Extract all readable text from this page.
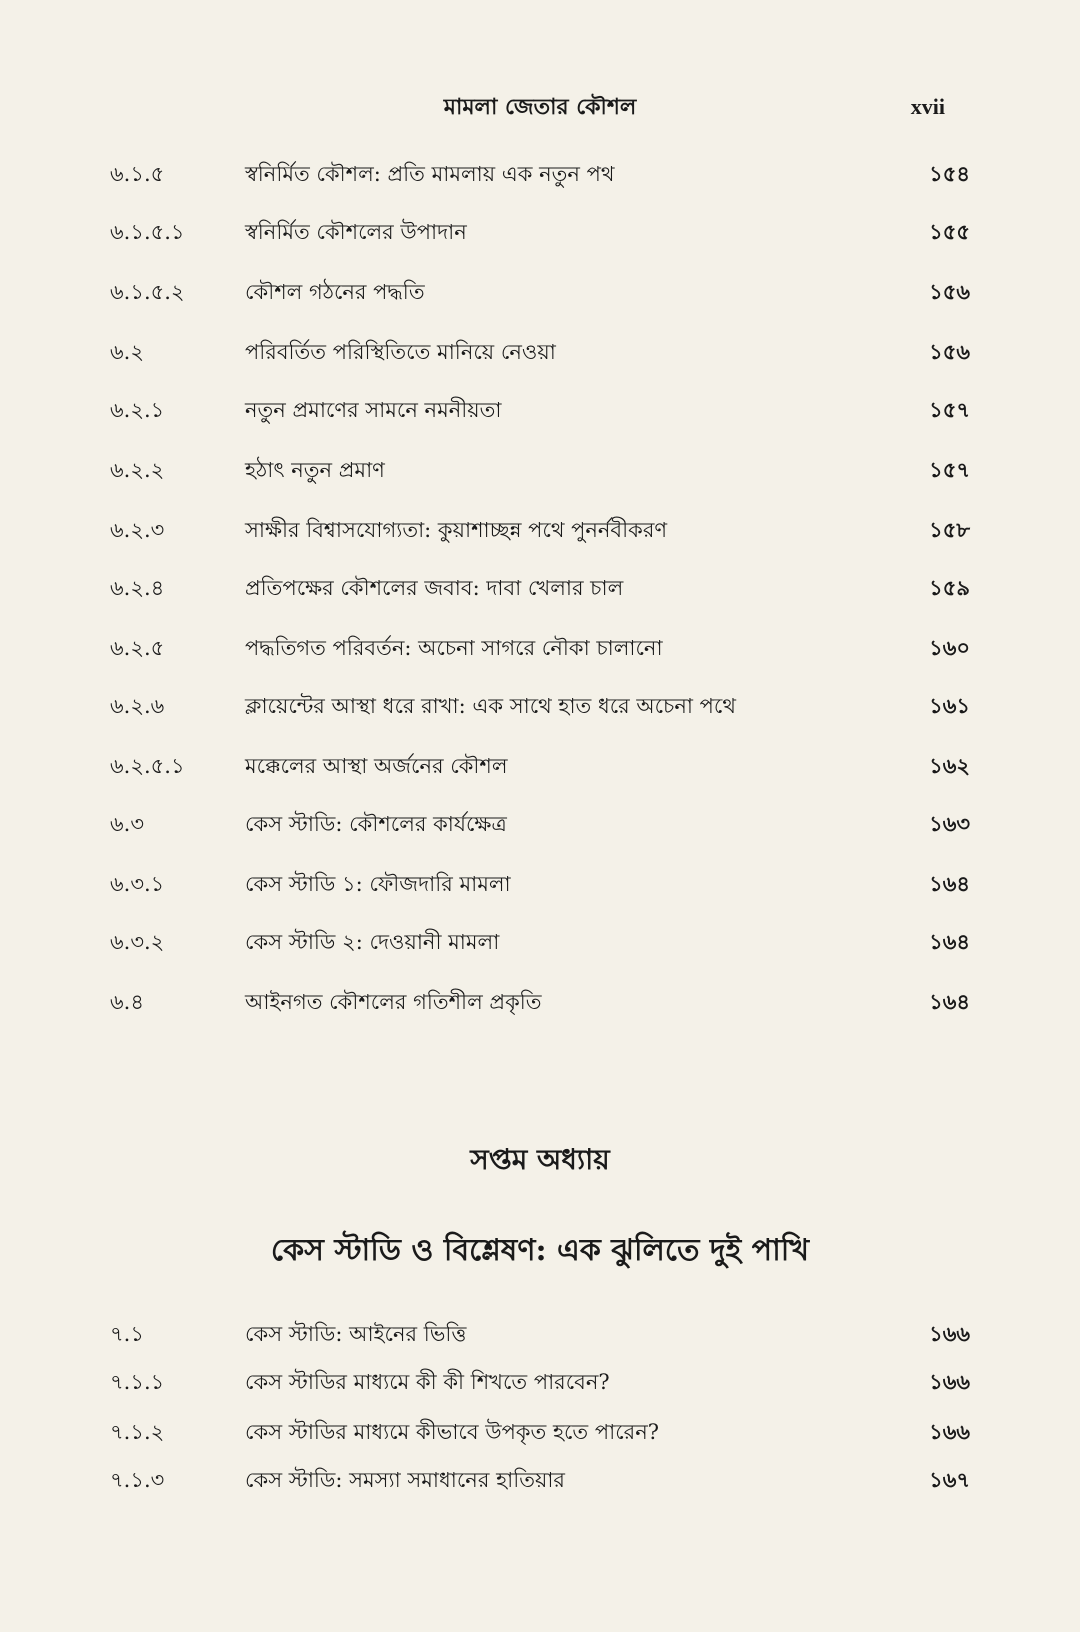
মামলা জেতার কৌশল	xvii
৬.১.৫	স্বনির্মিত কৌশল: প্রতি মামলায় এক নতুন পথ	১৫৪
৬.১.৫.১	স্বনির্মিত কৌশলের উপাদান	১৫৫
৬.১.৫.২	কৌশল গঠনের পদ্ধতি	১৫৬
৬.২	পরিবর্তিত পরিস্থিতিতে মানিয়ে নেওয়া	১৫৬
৬.২.১	নতুন প্রমাণের সামনে নমনীয়তা	১৫৭
৬.২.২	হঠাৎ নতুন প্রমাণ	১৫৭
৬.২.৩	সাক্ষীর বিশ্বাসযোগ্যতা: কুয়াশাচ্ছন্ন পথে পুনর্নবীকরণ	১৫৮
৬.২.৪	প্রতিপক্ষের কৌশলের জবাব: দাবা খেলার চাল	১৫৯
৬.২.৫	পদ্ধতিগত পরিবর্তন: অচেনা সাগরে নৌকা চালানো	১৬০
৬.২.৬	ক্লায়েন্টের আস্থা ধরে রাখা: এক সাথে হাত ধরে অচেনা পথে	১৬১
৬.২.৫.১	মক্কেলের আস্থা অর্জনের কৌশল	১৬২
৬.৩	কেস স্টাডি: কৌশলের কার্যক্ষেত্র	১৬৩
৬.৩.১	কেস স্টাডি ১: ফৌজদারি মামলা	১৬৪
৬.৩.২	কেস স্টাডি ২: দেওয়ানী মামলা	১৬৪
৬.৪	আইনগত কৌশলের গতিশীল প্রকৃতি	১৬৪
সপ্তম অধ্যায়
কেস স্টাডি ও বিশ্লেষণ: এক ঝুলিতে দুই পাখি
৭.১	কেস স্টাডি: আইনের ভিত্তি	১৬৬
৭.১.১	কেস স্টাডির মাধ্যমে কী কী শিখতে পারবেন?	১৬৬
৭.১.২	কেস স্টাডির মাধ্যমে কীভাবে উপকৃত হতে পারেন?	১৬৬
৭.১.৩	কেস স্টাডি: সমস্যা সমাধানের হাতিয়ার	১৬৭
